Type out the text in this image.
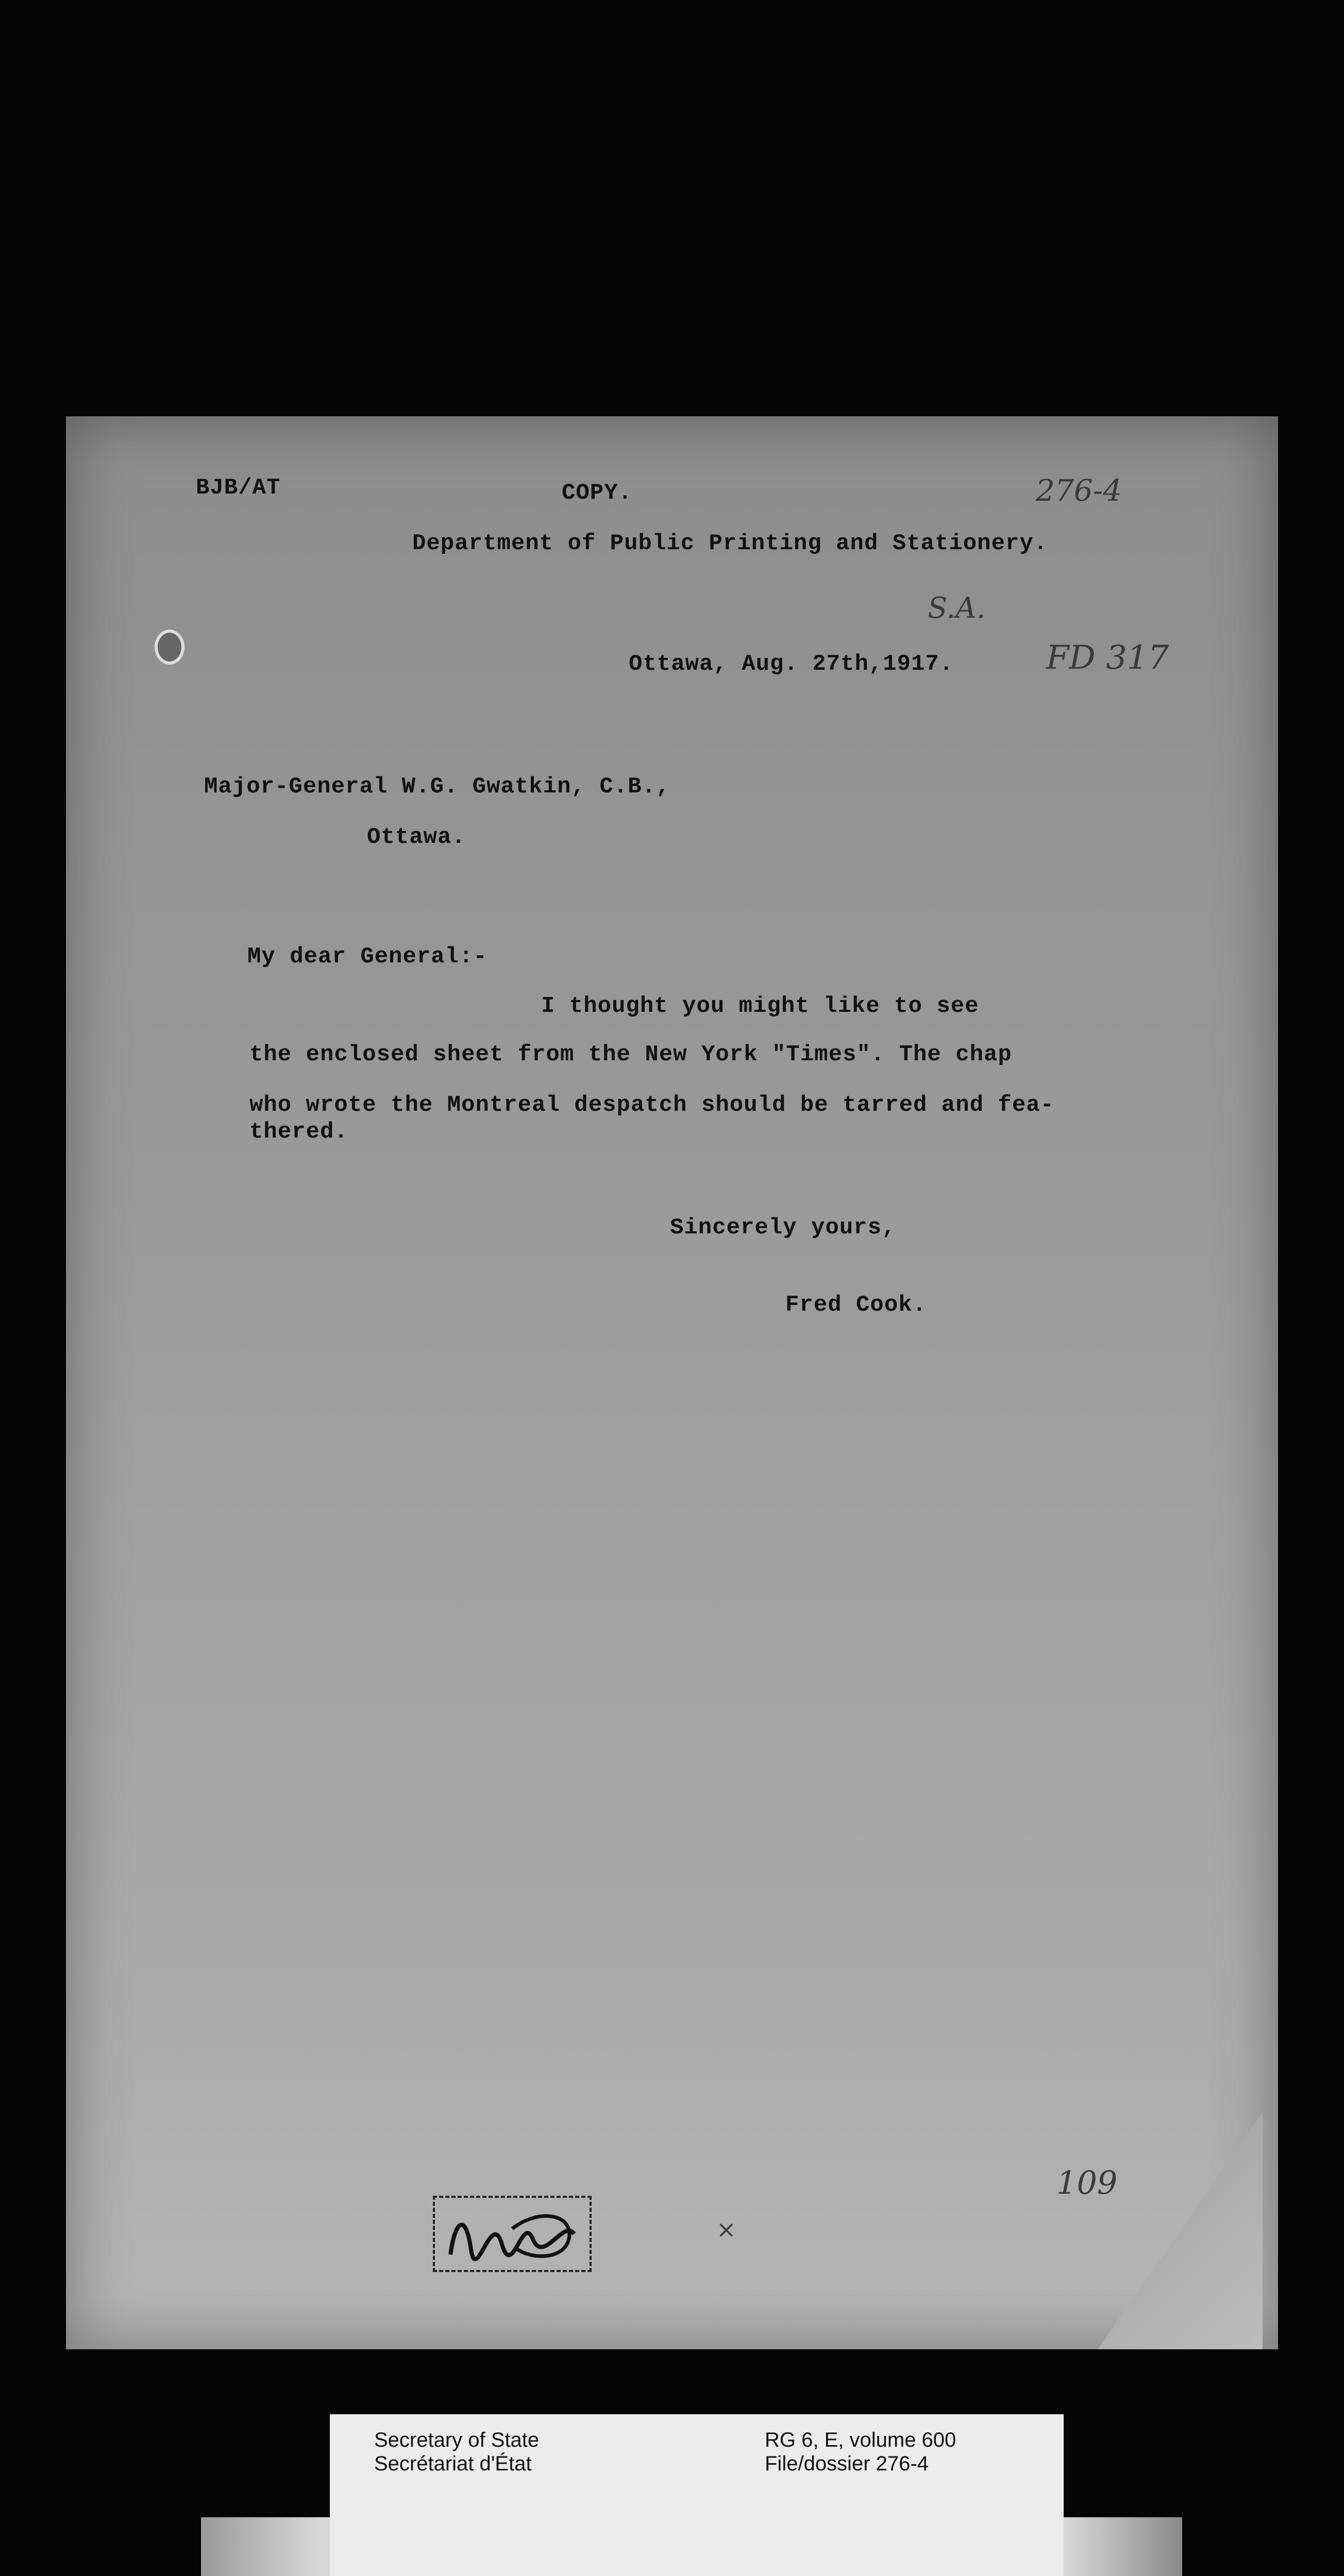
BJB/AT	COPY.
Department of Public Printing and Stationery.
276-4
S.A.
FD 317
109
Ottawa, Aug. 27th,1917.
Major-General W.G. Gwatkin, C.B.,
Ottawa.
My dear General:-
I thought you might like to see
the enclosed sheet from the New York "Times". The chap
who wrote the Montreal despatch should be tarred and fea-
thered.
Sincerely yours,
Fred Cook.
×
Secretary of State
Secrétariat d'État
RG 6, E, volume 600
File/dossier 276-4
